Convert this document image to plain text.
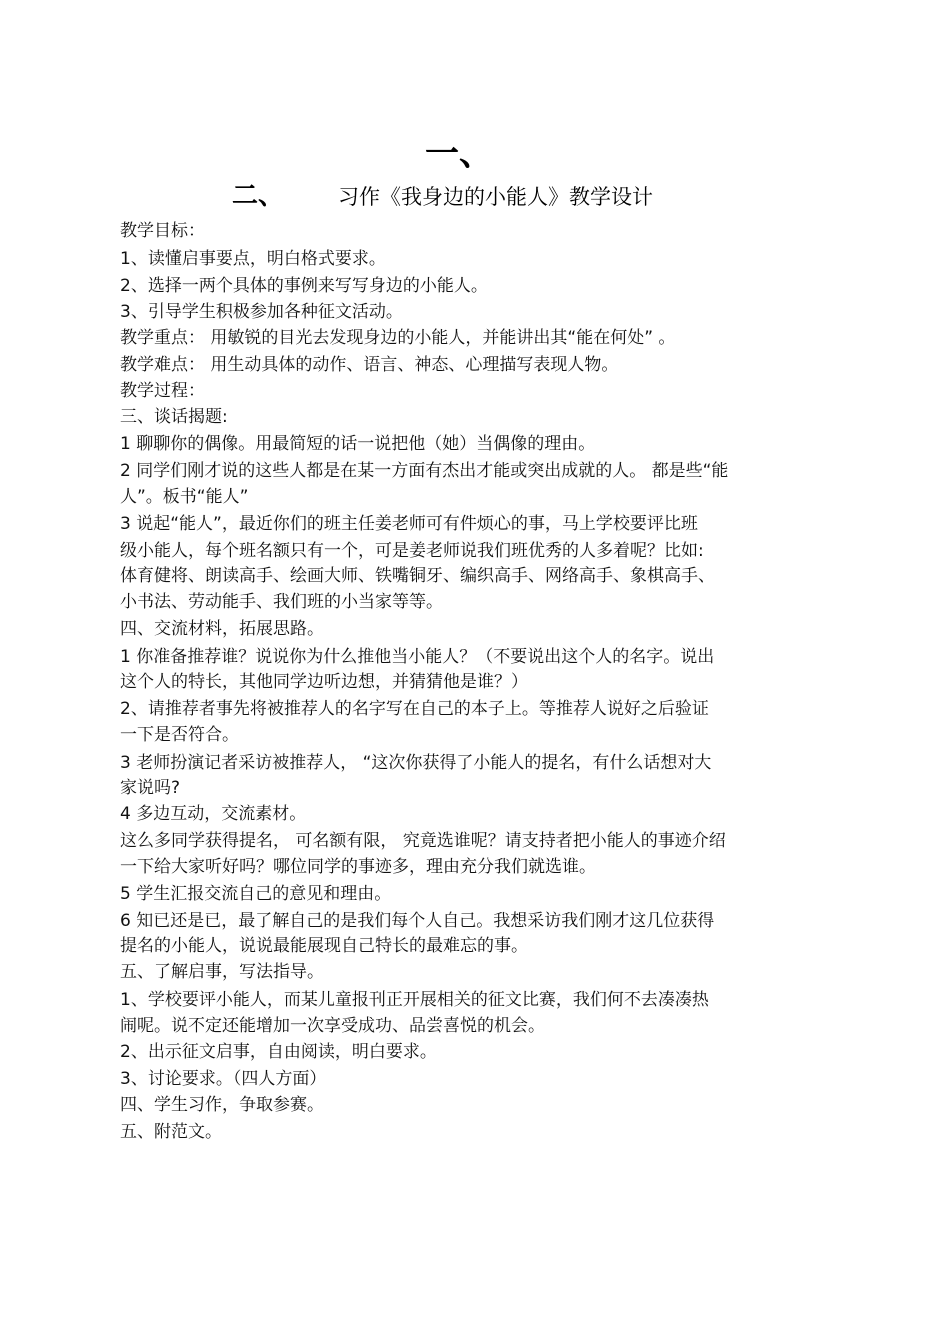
一、
二、	习作《我身边的小能人》教学设计
教学目标：
1、读懂启事要点，明白格式要求。
2、选择一两个具体的事例来写写身边的小能人。
3、引导学生积极参加各种征文活动。
教学重点： 用敏锐的目光去发现身边的小能人，并能讲出其“能在何处” 。
教学难点： 用生动具体的动作、语言、神态、心理描写表现人物。
教学过程：
三、谈话揭题:
1 聊聊你的偶像。用最简短的话一说把他（她）当偶像的理由。
2 同学们刚才说的这些人都是在某一方面有杰出才能或突出成就的人。 都是些“能
人”。板书“能人”
3 说起“能人”，最近你们的班主任姜老师可有件烦心的事，马上学校要评比班
级小能人，每个班名额只有一个，可是姜老师说我们班优秀的人多着呢？比如:
体育健将、朗读高手、绘画大师、铁嘴铜牙、编织高手、网络高手、象棋高手、
小书法、劳动能手、我们班的小当家等等。
四、交流材料，拓展思路。
1 你准备推荐谁？说说你为什么推他当小能人？（不要说出这个人的名字。说出
这个人的特长，其他同学边听边想，并猜猜他是谁？）
2、请推荐者事先将被推荐人的名字写在自己的本子上。等推荐人说好之后验证
一下是否符合。
3 老师扮演记者采访被推荐人， “这次你获得了小能人的提名，有什么话想对大
家说吗?
4 多边互动，交流素材。
这么多同学获得提名， 可名额有限， 究竟选谁呢？请支持者把小能人的事迹介绍
一下给大家听好吗？哪位同学的事迹多，理由充分我们就选谁。
5 学生汇报交流自己的意见和理由。
6 知已还是已，最了解自己的是我们每个人自己。我想采访我们刚才这几位获得
提名的小能人，说说最能展现自己特长的最难忘的事。
五、了解启事，写法指导。
1、学校要评小能人，而某儿童报刊正开展相关的征文比赛，我们何不去凑凑热
闹呢。说不定还能增加一次享受成功、品尝喜悦的机会。
2、出示征文启事，自由阅读，明白要求。
3、讨论要求。（四人方面）
四、学生习作，争取参赛。
五、附范文。
